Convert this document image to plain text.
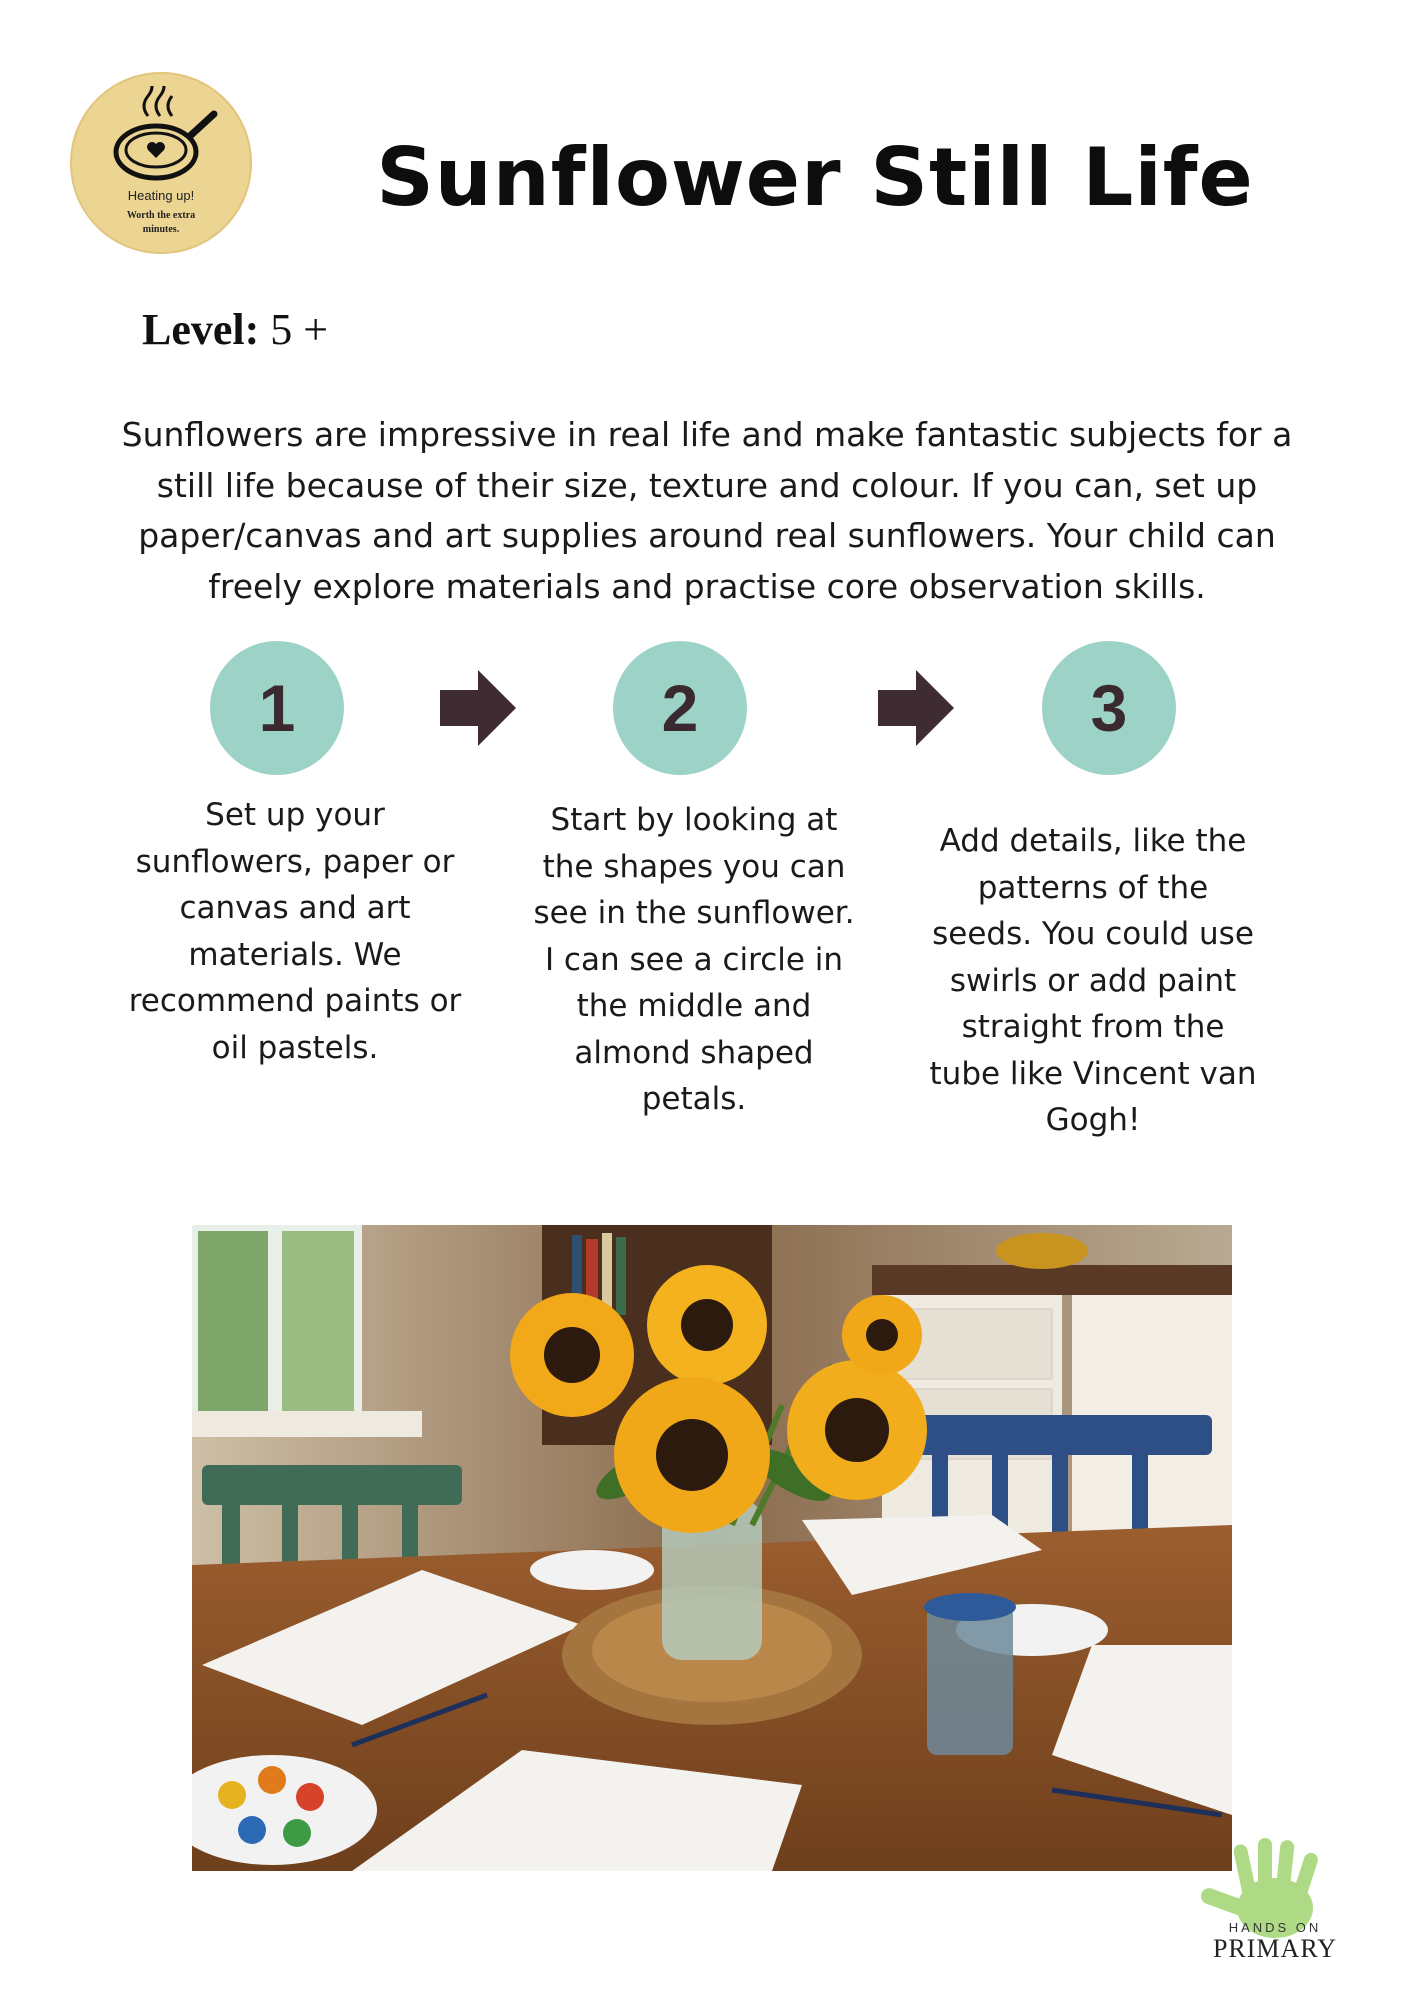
Heating up!
Worth the extra
minutes.
Sunflower Still Life
Level: 5 +
Sunflowers are impressive in real life and make fantastic subjects for a still life because of their size, texture and colour. If you can, set up paper/canvas and art supplies around real sunflowers. Your child can freely explore materials and practise core observation skills.
1	2	3
Set up your sunflowers, paper or canvas and art materials. We recommend paints or oil pastels.
Start by looking at the shapes you can see in the sunflower. I can see a circle in the middle and almond shaped petals.
Add details, like the patterns of the seeds. You could use swirls or add paint straight from the tube like Vincent van Gogh!
HANDS ON
PRIMARY
